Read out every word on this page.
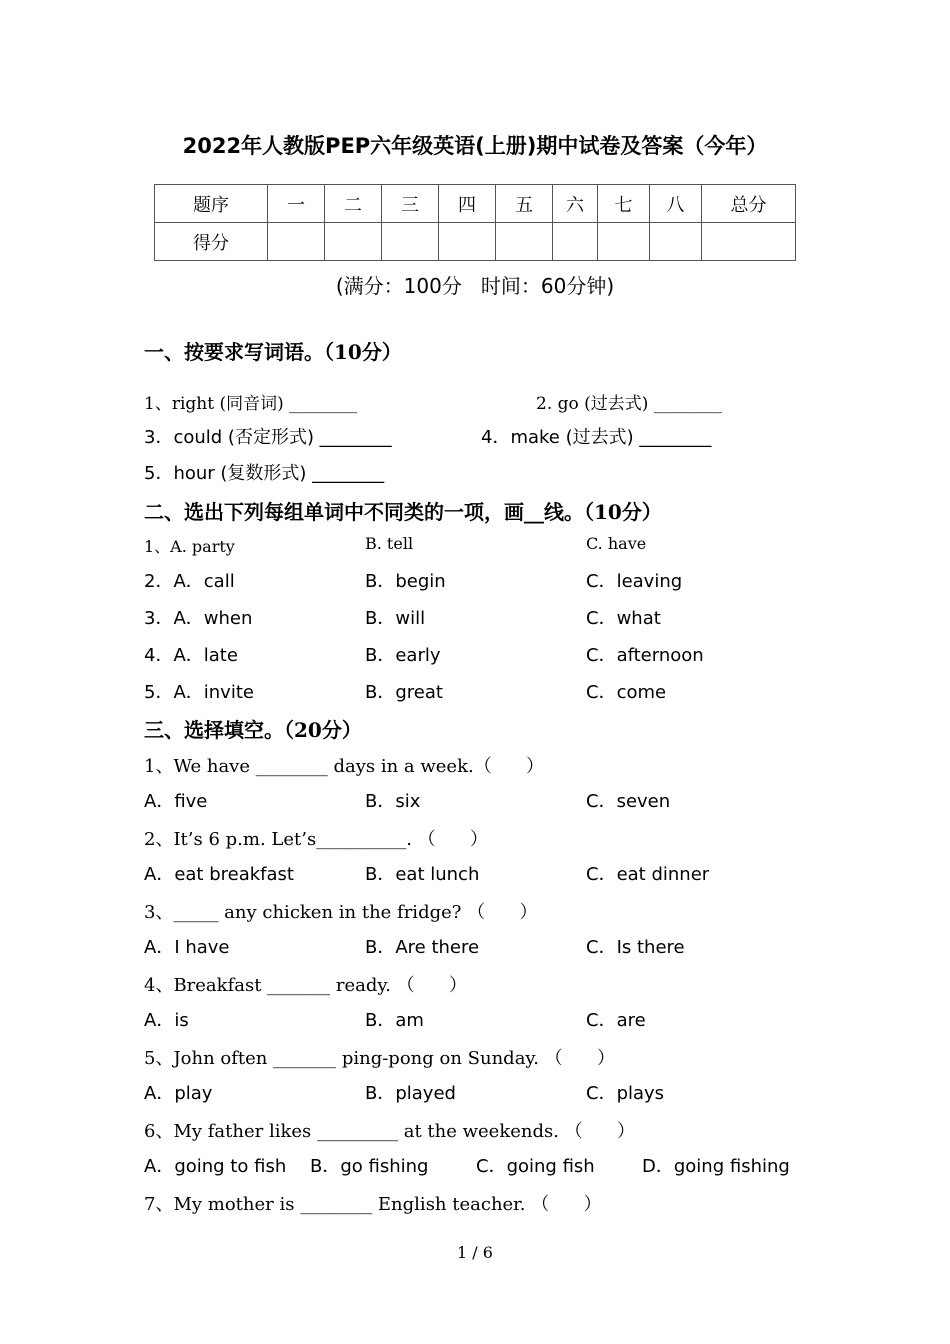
2022年人教版PEP六年级英语(上册)期中试卷及答案（今年）
题序	一	二	三	四	五	六	七	八	总分
得分									
(满分：100分   时间：60分钟)
一、按要求写词语。（10分）
1、right (同音词) ________	2. go (过去式) ________
3．could (否定形式) ________	4．make (过去式) ________
5．hour (复数形式) ________
二、选出下列每组单词中不同类的一项，画__线。（10分）
1、A. party	B. tell	C. have
2．A．call	B．begin	C．leaving
3．A．when	B．will	C．what
4．A．late	B．early	C．afternoon
5．A．invite	B．great	C．come
三、选择填空。（20分）
1、We have ________ days in a week.（      ）
A．five	B．six	C．seven
2、It’s 6 p.m. Let’s__________. （      ）
A．eat breakfast	B．eat lunch	C．eat dinner
3、_____ any chicken in the fridge? （      ）
A．I have	B．Are there	C．Is there
4、Breakfast _______ ready. （      ）
A．is	B．am	C．are
5、John often _______ ping-pong on Sunday. （      ）
A．play	B．played	C．plays
6、My father likes _________ at the weekends. （      ）
A．going to fish B．go fishing	C．going fish	D．going fishing
7、My mother is ________ English teacher. （      ）
1 / 6
